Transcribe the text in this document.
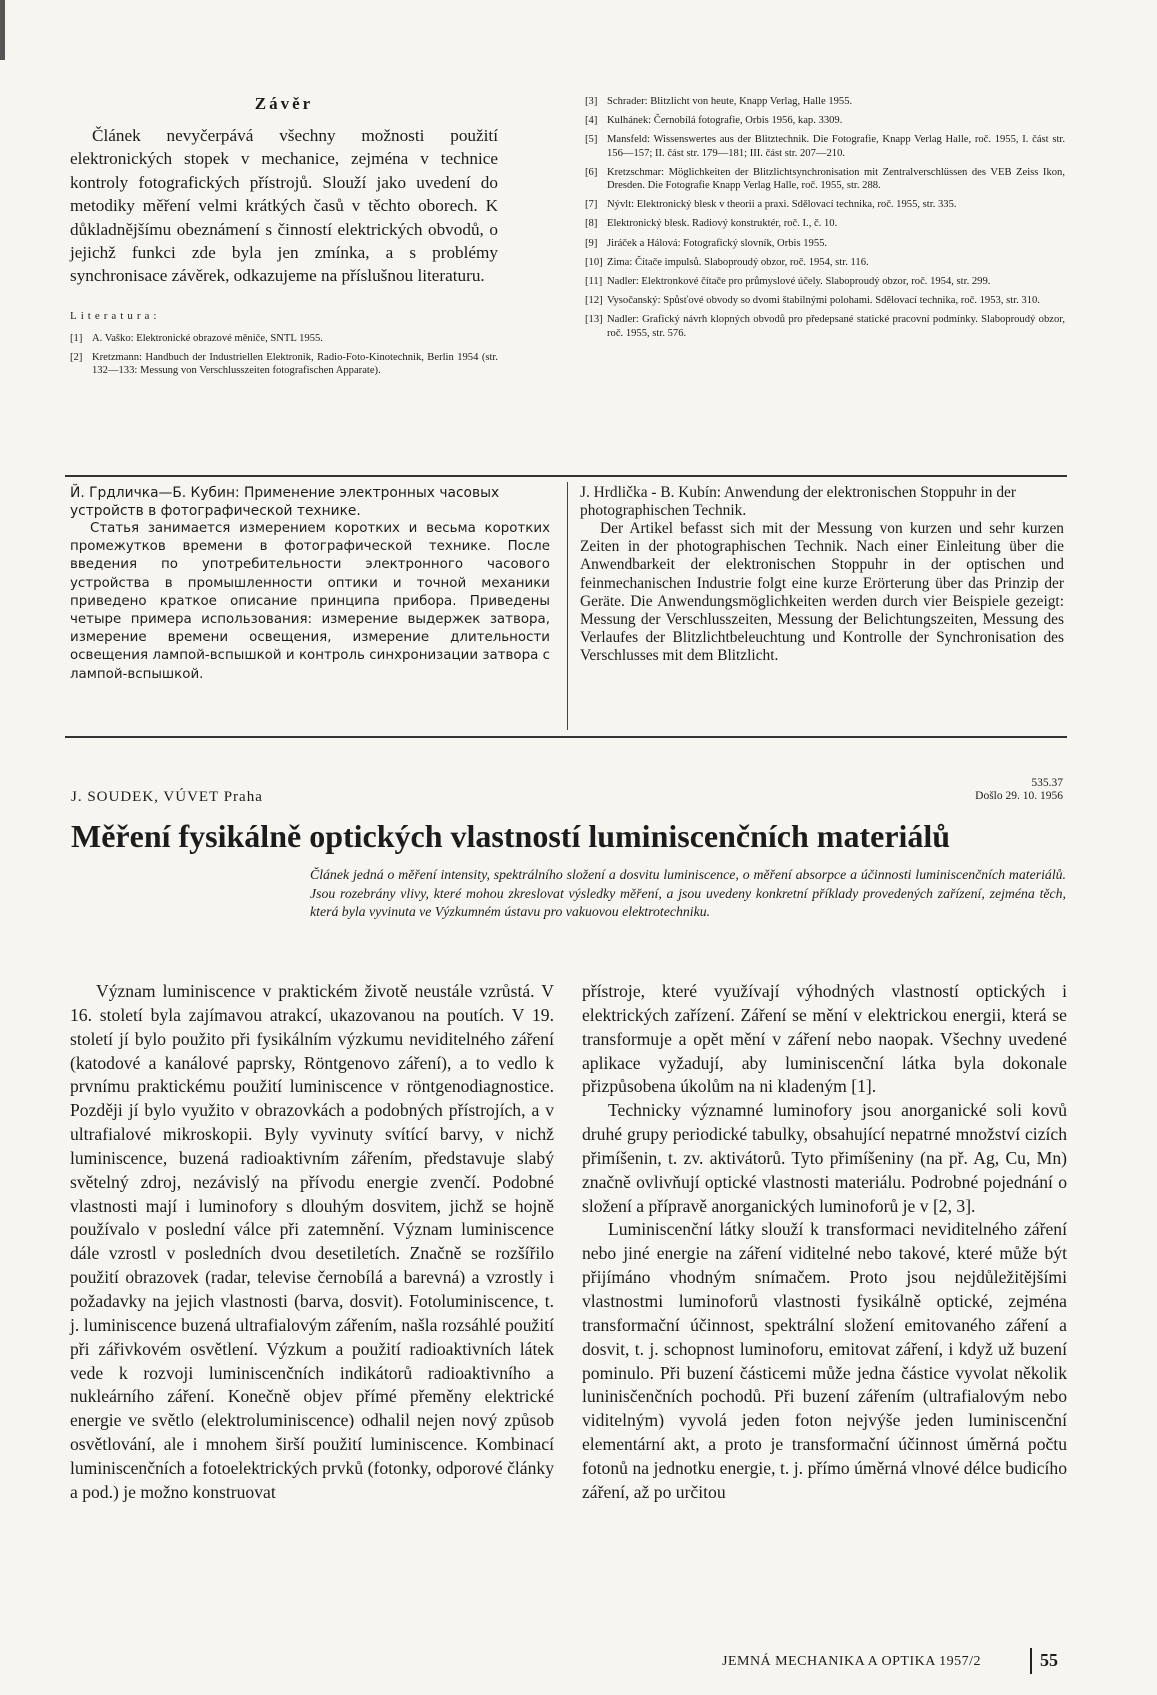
Závěr

Článek nevyčerpává všechny možnosti použití elektronických stopek v mechanice, zejména v technice kontroly fotografických přístrojů. Slouží jako uvedení do metodiky měření velmi krátkých časů v těchto oborech. K důkladnějšímu obeznámení s činností elektrických obvodů, o jejichž funkci zde byla jen zmínka, a s problémy synchronisace závěrek, odkazujeme na příslušnou literaturu.

Literatura:

[1] A. Vaško: Elektronické obrazové měniče, SNTL 1955.

[2] Kretzmann: Handbuch der Industriellen Elektronik, Radio-Foto-Kinotechnik, Berlin 1954 (str. 132—133: Messung von Verschlusszeiten fotografischen Apparate).

[3] Schrader: Blitzlicht von heute, Knapp Verlag, Halle 1955.

[4] Kulhánek: Černobílá fotografie, Orbis 1956, kap. 3309.

[5] Mansfeld: Wissenswertes aus der Blitztechnik. Die Fotografie, Knapp Verlag Halle, roč. 1955, I. část str. 156—157; II. část str. 179—181; III. část str. 207—210.

[6] Kretzschmar: Möglichkeiten der Blitzlichtsynchronisation mit Zentralverschlüssen des VEB Zeiss Ikon, Dresden. Die Fotografie Knapp Verlag Halle, roč. 1955, str. 288.

[7] Nývlt: Elektronický blesk v theorii a praxi. Sdělovací technika, roč. 1955, str. 335.

[8] Elektronický blesk. Radiový konstruktér, roč. I., č. 10.

[9] Jiráček a Hálová: Fotografický slovník, Orbis 1955.

[10] Zima: Čítače impulsů. Slaboproudý obzor, roč. 1954, str. 116.

[11] Nadler: Elektronkové čítače pro průmyslové účely. Slaboproudý obzor, roč. 1954, str. 299.

[12] Vysočanský: Spůsťové obvody so dvomi štabilnými polohami. Sdělovací technika, roč. 1953, str. 310.

[13] Nadler: Grafický návrh klopných obvodů pro předepsané statické pracovní podmínky. Slaboproudý obzor, roč. 1955, str. 576.

Й. Грдличка—Б. Кубин: Применение электронных часовых устройств в фотографической технике.

Статья занимается измерением коротких и весьма коротких промежутков времени в фотографической технике. После введения по употребительности электронного часового устройства в промышленности оптики и точной механики приведено краткое описание принципа прибора. Приведены четыре примера использования: измерение выдержек затвора, измерение времени освещения, измерение длительности освещения лампой-вспышкой и контроль синхронизации затвора с лампой-вспышкой.

J. Hrdlička - B. Kubín: Anwendung der elektronischen Stoppuhr in der photographischen Technik.

Der Artikel befasst sich mit der Messung von kurzen und sehr kurzen Zeiten in der photographischen Technik. Nach einer Einleitung über die Anwendbarkeit der elektronischen Stoppuhr in der optischen und feinmechanischen Industrie folgt eine kurze Erörterung über das Prinzip der Geräte. Die Anwendungsmöglichkeiten werden durch vier Beispiele gezeigt: Messung der Verschlusszeiten, Messung der Belichtungszeiten, Messung des Verlaufes der Blitzlichtbeleuchtung und Kontrolle der Synchronisation des Verschlusses mit dem Blitzlicht.

J. SOUDEK, VÚVET Praha
535.37
Došlo 29. 10. 1956
Měření fysikálně optických vlastností luminiscenčních materiálů

Článek jedná o měření intensity, spektrálního složení a dosvitu luminiscence, o měření absorpce a účinnosti luminiscenčních materiálů. Jsou rozebrány vlivy, které mohou zkreslovat výsledky měření, a jsou uvedeny konkretní příklady provedených zařízení, zejména těch, která byla vyvinuta ve Výzkumném ústavu pro vakuovou elektrotechniku.

Význam luminiscence v praktickém životě neustále vzrůstá. V 16. století byla zajímavou atrakcí, ukazovanou na poutích. V 19. století jí bylo použito při fysikálním výzkumu neviditelného záření (katodové a kanálové paprsky, Röntgenovo záření), a to vedlo k prvnímu praktickému použití luminiscence v röntgenodiagnostice. Později jí bylo využito v obrazovkách a podobných přístrojích, a v ultrafialové mikroskopii. Byly vyvinuty svítící barvy, v nichž luminiscence, buzená radioaktivním zářením, představuje slabý světelný zdroj, nezávislý na přívodu energie zvenčí. Podobné vlastnosti mají i luminofory s dlouhým dosvitem, jichž se hojně používalo v poslední válce při zatemnění. Význam luminiscence dále vzrostl v posledních dvou desetiletích. Značně se rozšířilo použití obrazovek (radar, televise černobílá a barevná) a vzrostly i požadavky na jejich vlastnosti (barva, dosvit). Fotoluminiscence, t. j. luminiscence buzená ultrafialovým zářením, našla rozsáhlé použití při zářivkovém osvětlení. Výzkum a použití radioaktivních látek vede k rozvoji luminiscenčních indikátorů radioaktivního a nukleárního záření. Konečně objev přímé přeměny elektrické energie ve světlo (elektroluminiscence) odhalil nejen nový způsob osvětlování, ale i mnohem širší použití luminiscence. Kombinací luminiscenčních a fotoelektrických prvků (fotonky, odporové články a pod.) je možno konstruovat

přístroje, které využívají výhodných vlastností optických i elektrických zařízení. Záření se mění v elektrickou energii, která se transformuje a opět mění v záření nebo naopak. Všechny uvedené aplikace vyžadují, aby luminiscenční látka byla dokonale přizpůsobena úkolům na ni kladeným [1].

Technicky významné luminofory jsou anorganické soli kovů druhé grupy periodické tabulky, obsahující nepatrné množství cizích přimíšenin, t. zv. aktivátorů. Tyto přimíšeniny (na př. Ag, Cu, Mn) značně ovlivňují optické vlastnosti materiálu. Podrobné pojednání o složení a přípravě anorganických luminoforů je v [2, 3].

Luminiscenční látky slouží k transformaci neviditelného záření nebo jiné energie na záření viditelné nebo takové, které může být přijímáno vhodným snímačem. Proto jsou nejdůležitějšími vlastnostmi luminoforů vlastnosti fysikálně optické, zejména transformační účinnost, spektrální složení emitovaného záření a dosvit, t. j. schopnost luminoforu, emitovat záření, i když už buzení pominulo. Při buzení částicemi může jedna částice vyvolat několik luninisčenčních pochodů. Při buzení zářením (ultrafialovým nebo viditelným) vyvolá jeden foton nejvýše jeden luminiscenční elementární akt, a proto je transformační účinnost úměrná počtu fotonů na jednotku energie, t. j. přímo úměrná vlnové délce budicího záření, až po určitou

JEMNÁ MECHANIKA A OPTIKA 1957/2	55
